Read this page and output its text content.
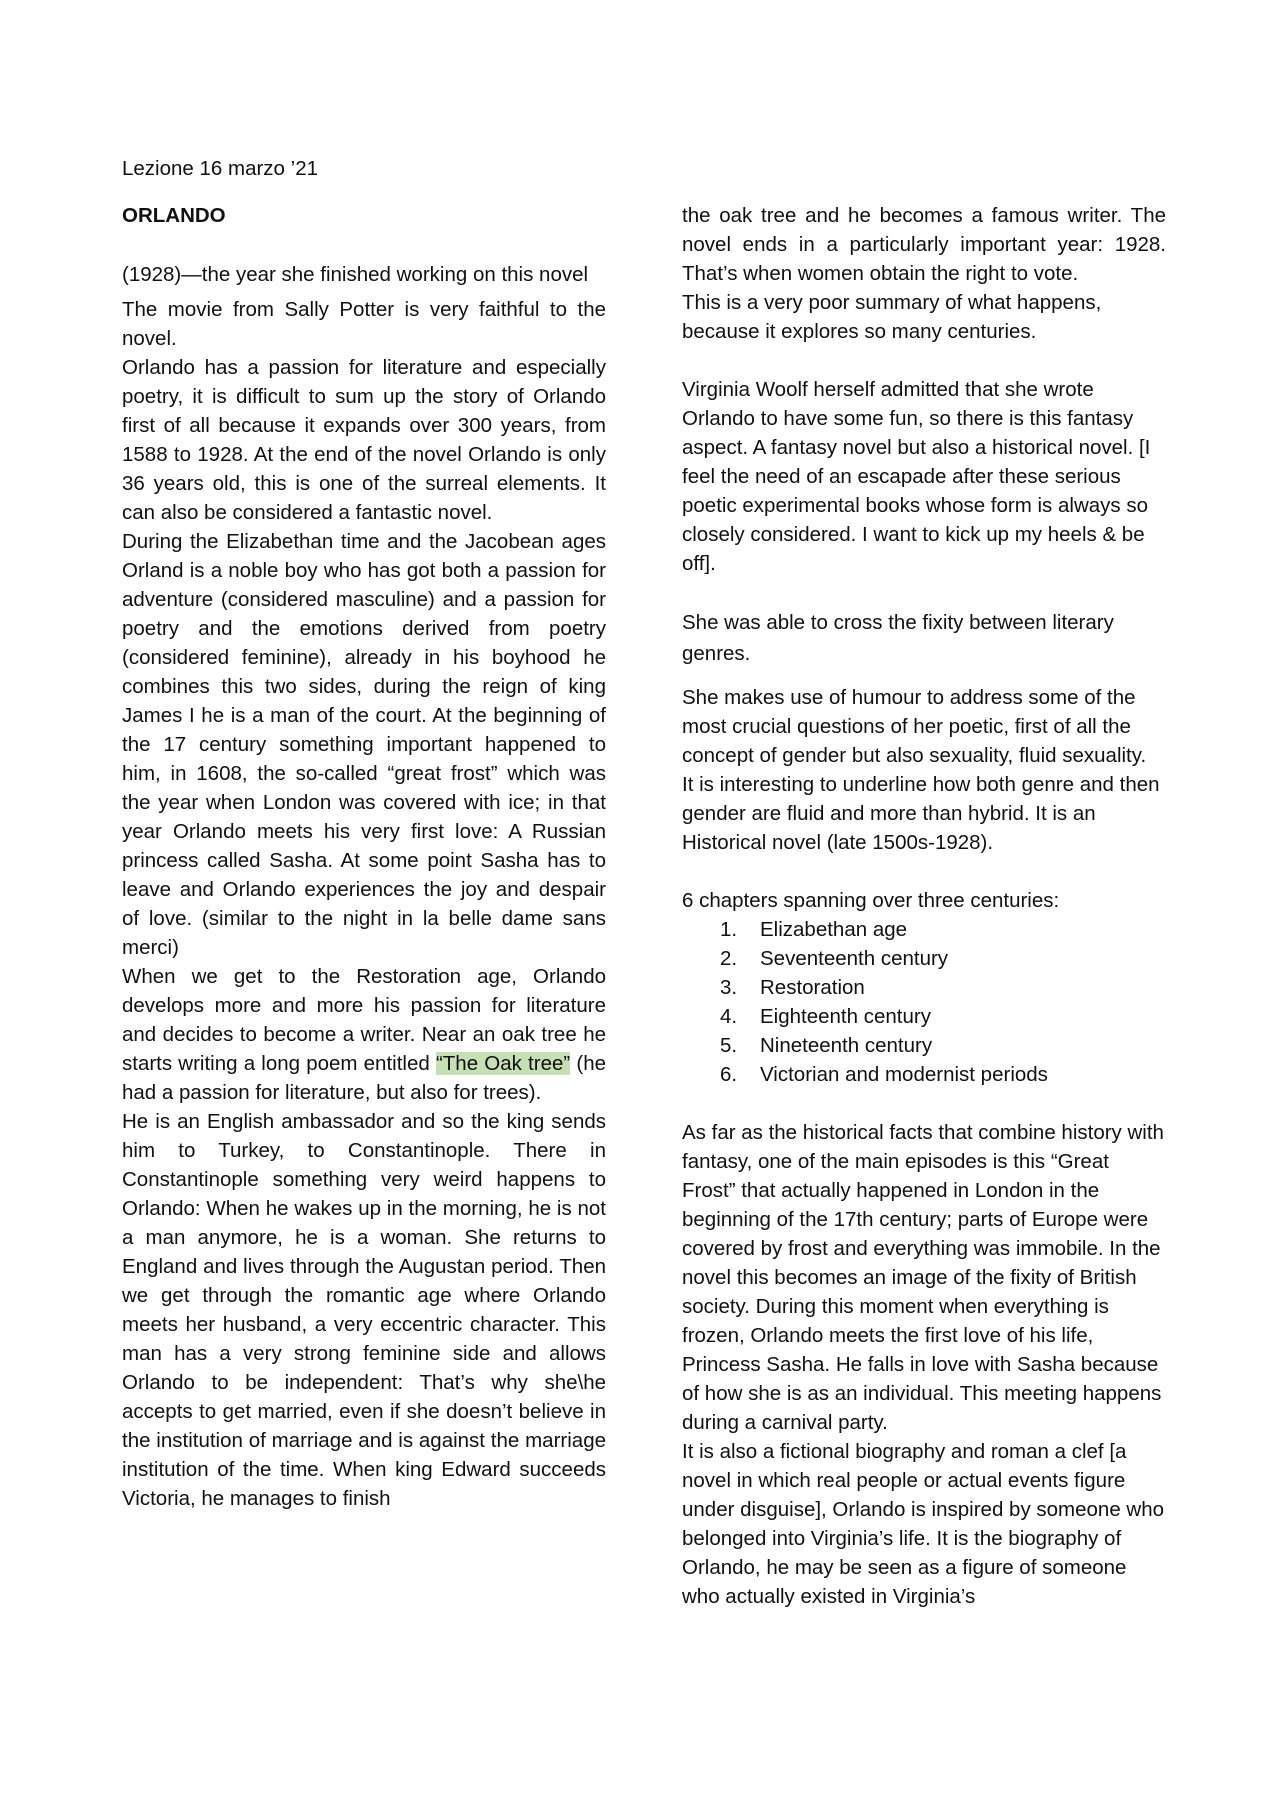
Lezione 16 marzo ’21

ORLANDO

(1928)—the year she finished working on this novel

The movie from Sally Potter is very faithful to the novel.

Orlando has a passion for literature and especially poetry, it is difficult to sum up the story of Orlando first of all because it expands over 300 years, from 1588 to 1928. At the end of the novel Orlando is only 36 years old, this is one of the surreal elements. It can also be considered a fantastic novel.

During the Elizabethan time and the Jacobean ages Orland is a noble boy who has got both a passion for adventure (considered masculine) and a passion for poetry and the emotions derived from poetry (considered feminine), already in his boyhood he combines this two sides, during the reign of king James I he is a man of the court. At the beginning of the 17 century something important happened to him, in 1608, the so-called “great frost” which was the year when London was covered with ice; in that year Orlando meets his very first love: A Russian princess called Sasha. At some point Sasha has to leave and Orlando experiences the joy and despair of love. (similar to the night in la belle dame sans merci)

When we get to the Restoration age, Orlando develops more and more his passion for literature and decides to become a writer. Near an oak tree he starts writing a long poem entitled “The Oak tree” (he had a passion for literature, but also for trees).

He is an English ambassador and so the king sends him to Turkey, to Constantinople. There in Constantinople something very weird happens to Orlando: When he wakes up in the morning, he is not a man anymore, he is a woman. She returns to England and lives through the Augustan period. Then we get through the romantic age where Orlando meets her husband, a very eccentric character. This man has a very strong feminine side and allows Orlando to be independent: That’s why she\he accepts to get married, even if she doesn’t believe in the institution of marriage and is against the marriage institution of the time. When king Edward succeeds Victoria, he manages to finish

the oak tree and he becomes a famous writer. The novel ends in a particularly important year: 1928. That’s when women obtain the right to vote.

This is a very poor summary of what happens, because it explores so many centuries.

Virginia Woolf herself admitted that she wrote Orlando to have some fun, so there is this fantasy aspect. A fantasy novel but also a historical novel. [I feel the need of an escapade after these serious poetic experimental books whose form is always so closely considered. I want to kick up my heels & be off].

She was able to cross the fixity between literary genres.

She makes use of humour to address some of the most crucial questions of her poetic, first of all the concept of gender but also sexuality, fluid sexuality.

It is interesting to underline how both genre and then gender are fluid and more than hybrid. It is an Historical novel (late 1500s-1928).

6 chapters spanning over three centuries:

1. Elizabethan age
2. Seventeenth century
3. Restoration
4. Eighteenth century
5. Nineteenth century
6. Victorian and modernist periods

As far as the historical facts that combine history with fantasy, one of the main episodes is this “Great Frost” that actually happened in London in the beginning of the 17th century; parts of Europe were covered by frost and everything was immobile. In the novel this becomes an image of the fixity of British society. During this moment when everything is frozen, Orlando meets the first love of his life, Princess Sasha. He falls in love with Sasha because of how she is as an individual. This meeting happens during a carnival party.

It is also a fictional biography and roman a clef [a novel in which real people or actual events figure under disguise], Orlando is inspired by someone who belonged into Virginia’s life. It is the biography of Orlando, he may be seen as a figure of someone who actually existed in Virginia’s
